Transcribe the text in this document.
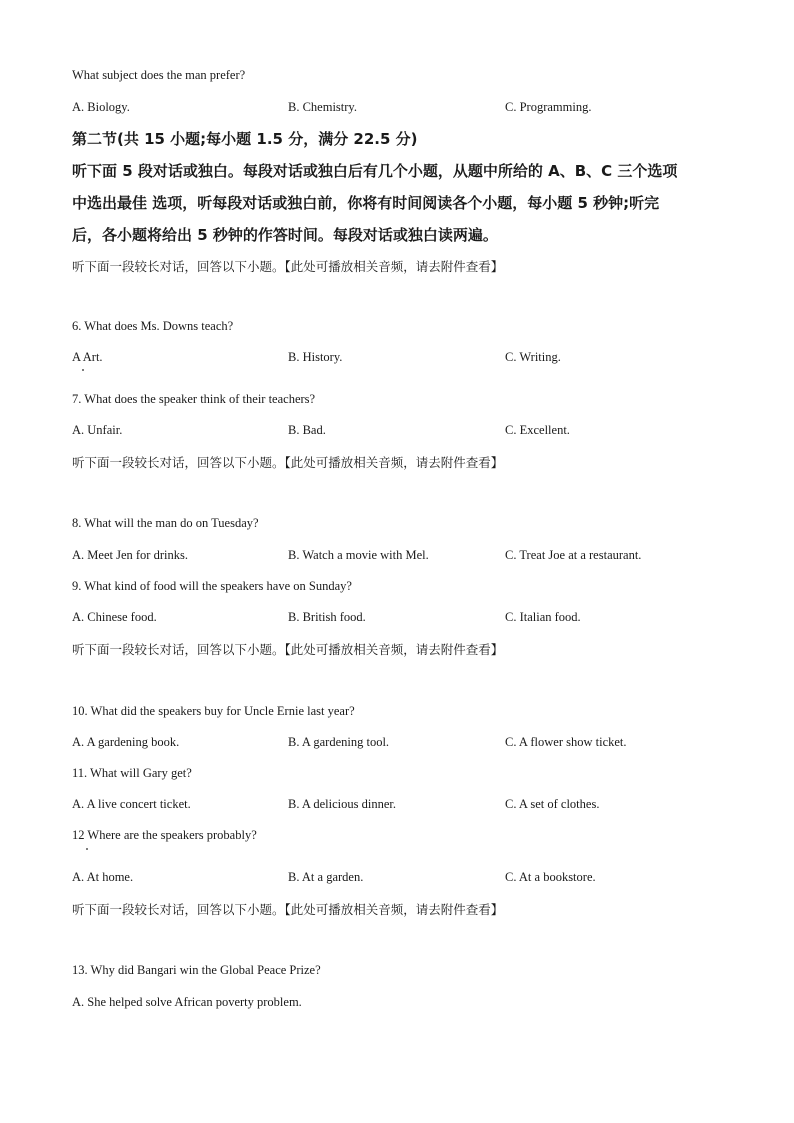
What subject does the man prefer?
A. Biology.	B. Chemistry.	C. Programming.
第二节(共 15 小题;每小题 1.5 分，满分 22.5 分)
听下面 5 段对话或独白。每段对话或独白后有几个小题，从题中所给的 A、B、C 三个选项
中选出最佳 选项，听每段对话或独白前，你将有时间阅读各个小题，每小题 5 秒钟;听完
后，各小题将给出 5 秒钟的作答时间。每段对话或独白读两遍。
听下面一段较长对话，回答以下小题。【此处可播放相关音频，请去附件查看】
6. What does Ms. Downs teach?
A Art.	B. History.	C. Writing.
7. What does the speaker think of their teachers?
A. Unfair.	B. Bad.	C. Excellent.
听下面一段较长对话，回答以下小题。【此处可播放相关音频，请去附件查看】
8. What will the man do on Tuesday?
A. Meet Jen for drinks.	B. Watch a movie with Mel.	C. Treat Joe at a restaurant.
9. What kind of food will the speakers have on Sunday?
A. Chinese food.	B. British food.	C. Italian food.
听下面一段较长对话，回答以下小题。【此处可播放相关音频，请去附件查看】
10. What did the speakers buy for Uncle Ernie last year?
A. A gardening book.	B. A gardening tool.	C. A flower show ticket.
11. What will Gary get?
A. A live concert ticket.	B. A delicious dinner.	C. A set of clothes.
12 Where are the speakers probably?
A. At home.	B. At a garden.	C. At a bookstore.
听下面一段较长对话，回答以下小题。【此处可播放相关音频，请去附件查看】
13. Why did Bangari win the Global Peace Prize?
A. She helped solve African poverty problem.
